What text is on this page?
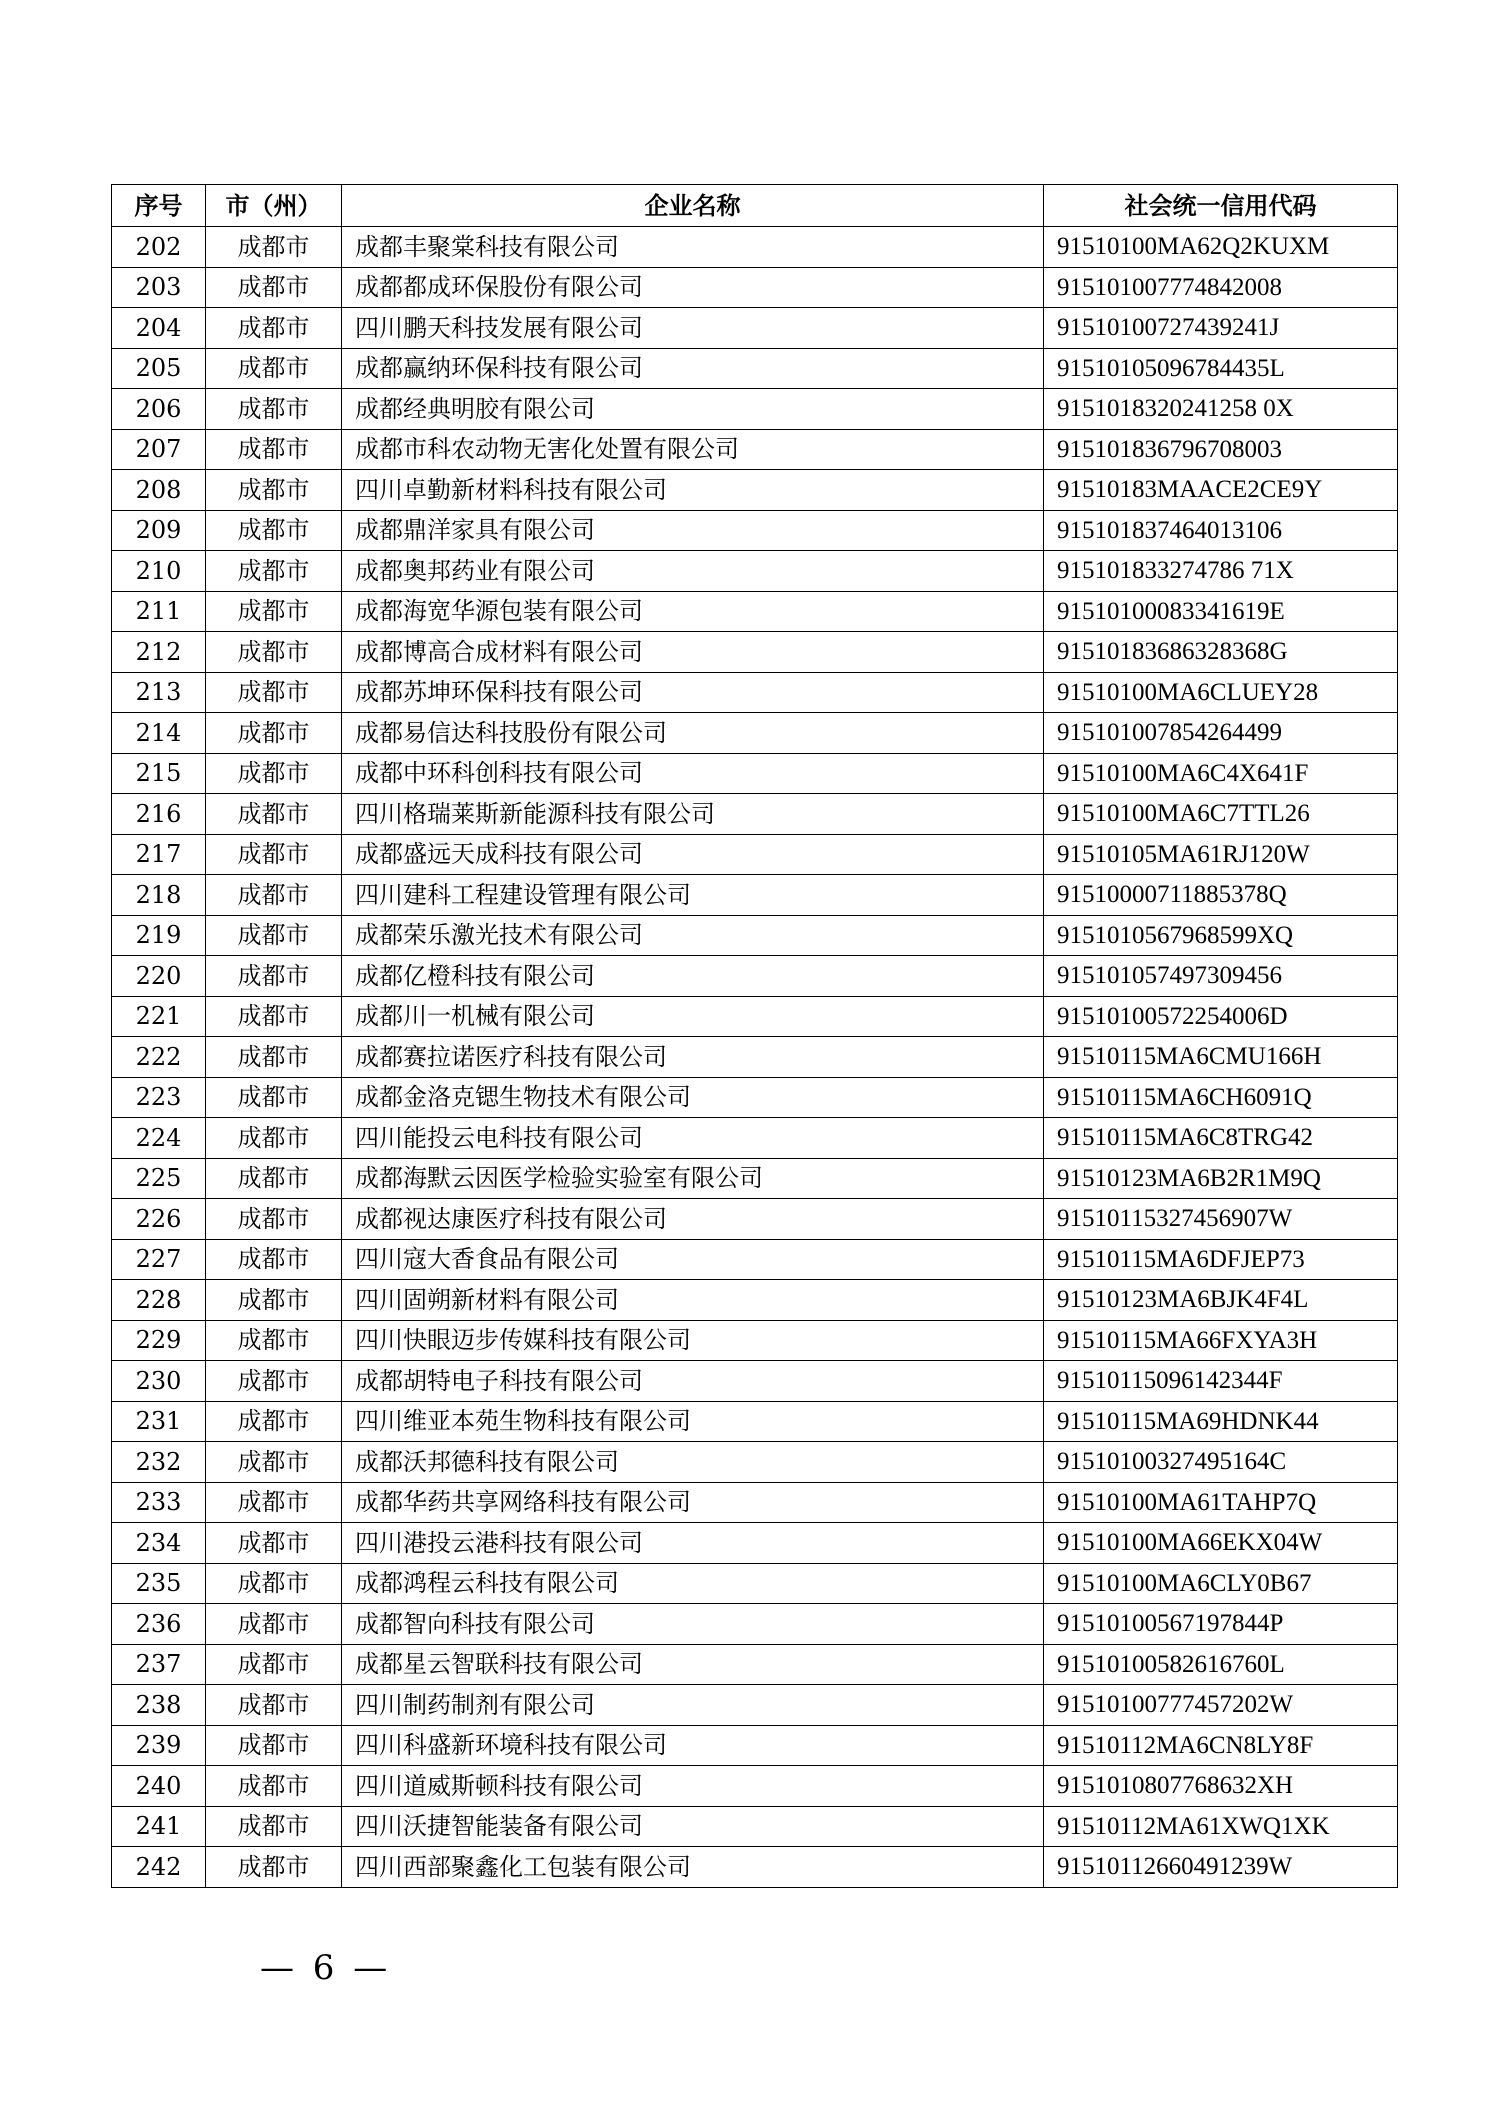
序号	市（州）	企业名称	社会统一信用代码
202	成都市	成都丰聚棠科技有限公司	91510100MA62Q2KUXM
203	成都市	成都都成环保股份有限公司	915101007774842008
204	成都市	四川鹏天科技发展有限公司	91510100727439241J
205	成都市	成都赢纳环保科技有限公司	91510105096784435L
206	成都市	成都经典明胶有限公司	9151018320241258 0X
207	成都市	成都市科农动物无害化处置有限公司	915101836796708003
208	成都市	四川卓勤新材料科技有限公司	91510183MAACE2CE9Y
209	成都市	成都鼎洋家具有限公司	915101837464013106
210	成都市	成都奥邦药业有限公司	915101833274786 71X
211	成都市	成都海宽华源包装有限公司	91510100083341619E
212	成都市	成都博高合成材料有限公司	91510183686328368G
213	成都市	成都苏坤环保科技有限公司	91510100MA6CLUEY28
214	成都市	成都易信达科技股份有限公司	915101007854264499
215	成都市	成都中环科创科技有限公司	91510100MA6C4X641F
216	成都市	四川格瑞莱斯新能源科技有限公司	91510100MA6C7TTL26
217	成都市	成都盛远天成科技有限公司	91510105MA61RJ120W
218	成都市	四川建科工程建设管理有限公司	91510000711885378Q
219	成都市	成都荣乐激光技术有限公司	9151010567968599XQ
220	成都市	成都亿橙科技有限公司	915101057497309456
221	成都市	成都川一机械有限公司	91510100572254006D
222	成都市	成都赛拉诺医疗科技有限公司	91510115MA6CMU166H
223	成都市	成都金洛克锶生物技术有限公司	91510115MA6CH6091Q
224	成都市	四川能投云电科技有限公司	91510115MA6C8TRG42
225	成都市	成都海默云因医学检验实验室有限公司	91510123MA6B2R1M9Q
226	成都市	成都视达康医疗科技有限公司	91510115327456907W
227	成都市	四川寇大香食品有限公司	91510115MA6DFJEP73
228	成都市	四川固朔新材料有限公司	91510123MA6BJK4F4L
229	成都市	四川快眼迈步传媒科技有限公司	91510115MA66FXYA3H
230	成都市	成都胡特电子科技有限公司	91510115096142344F
231	成都市	四川维亚本苑生物科技有限公司	91510115MA69HDNK44
232	成都市	成都沃邦德科技有限公司	91510100327495164C
233	成都市	成都华药共享网络科技有限公司	91510100MA61TAHP7Q
234	成都市	四川港投云港科技有限公司	91510100MA66EKX04W
235	成都市	成都鸿程云科技有限公司	91510100MA6CLY0B67
236	成都市	成都智向科技有限公司	91510100567197844P
237	成都市	成都星云智联科技有限公司	91510100582616760L
238	成都市	四川制药制剂有限公司	91510100777457202W
239	成都市	四川科盛新环境科技有限公司	91510112MA6CN8LY8F
240	成都市	四川道威斯顿科技有限公司	9151010807768632XH
241	成都市	四川沃捷智能装备有限公司	91510112MA61XWQ1XK
242	成都市	四川西部聚鑫化工包装有限公司	91510112660491239W
— 6 —
